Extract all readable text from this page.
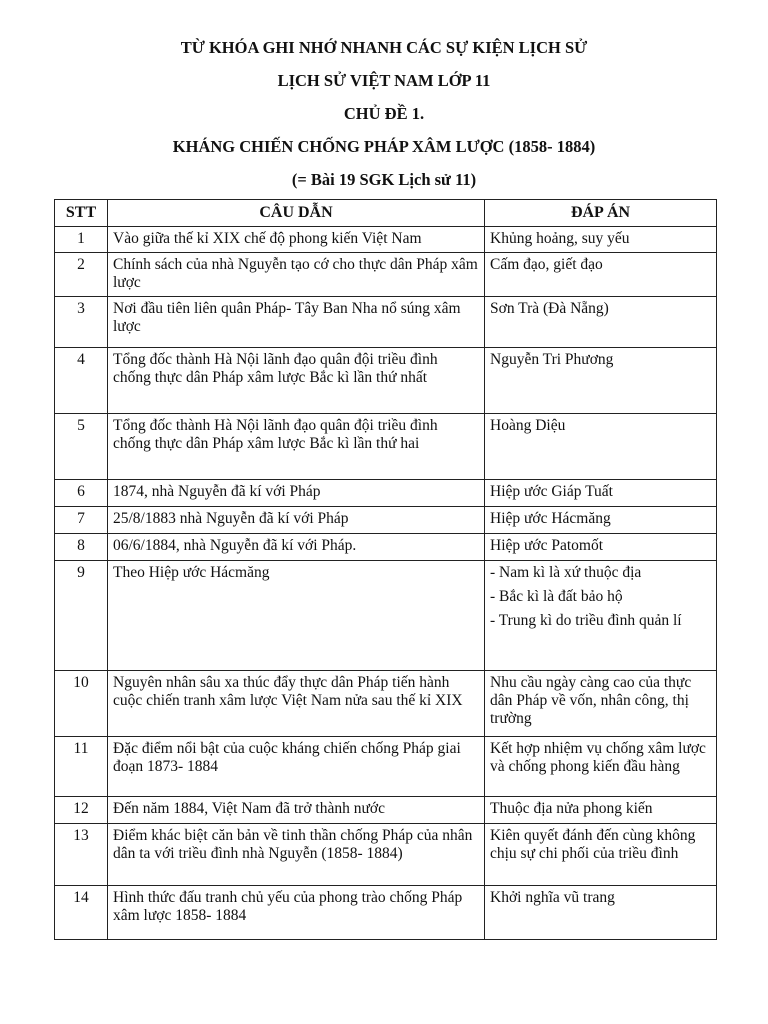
TỪ KHÓA GHI NHỚ NHANH CÁC SỰ KIỆN LỊCH SỬ
LỊCH SỬ VIỆT NAM LỚP 11
CHỦ ĐỀ 1.
KHÁNG CHIẾN CHỐNG PHÁP XÂM LƯỢC (1858- 1884)
(= Bài 19 SGK Lịch sử 11)
STT	CÂU DẪN	ĐÁP ÁN
1	Vào giữa thế kỉ XIX chế độ phong kiến Việt Nam	Khủng hoảng, suy yếu

2	Chính sách của nhà Nguyễn tạo cớ cho thực dân Pháp xâm lược	Cấm đạo, giết đạo

3	Nơi đầu tiên liên quân Pháp- Tây Ban Nha nổ súng xâm lược	Sơn Trà (Đà Nẵng)

4	Tổng đốc thành Hà Nội lãnh đạo quân đội triều đình chống thực dân Pháp xâm lược Bắc kì lần thứ nhất	Nguyễn Tri Phương

5	Tổng đốc thành Hà Nội lãnh đạo quân đội triều đình chống thực dân Pháp xâm lược Bắc kì lần thứ hai	Hoàng Diệu

6	1874, nhà Nguyễn đã kí với Pháp	Hiệp ước Giáp Tuất

7	25/8/1883 nhà Nguyễn đã kí với Pháp	Hiệp ước Hácmăng

8	06/6/1884, nhà Nguyễn đã kí với Pháp.	Hiệp ước Patomốt

9	Theo Hiệp ước Hácmăng	- Nam kì là xứ thuộc địa
- Bắc kì là đất bảo hộ
- Trung kì do triều đình quản lí

10	Nguyên nhân sâu xa thúc đẩy thực dân Pháp tiến hành cuộc chiến tranh xâm lược Việt Nam nửa sau thế kỉ XIX	Nhu cầu ngày càng cao của thực dân Pháp về vốn, nhân công, thị trường

11	Đặc điểm nổi bật của cuộc kháng chiến chống Pháp giai đoạn 1873- 1884	Kết hợp nhiệm vụ chống xâm lược và chống phong kiến đầu hàng

12	Đến năm 1884, Việt Nam đã trở thành nước	Thuộc địa nửa phong kiến

13	Điểm khác biệt căn bản về tinh thần chống Pháp của nhân dân ta với triều đình nhà Nguyễn (1858- 1884)	Kiên quyết đánh đến cùng không chịu sự chi phối của triều đình

14	Hình thức đấu tranh chủ yếu của phong trào chống Pháp xâm lược 1858- 1884	Khởi nghĩa vũ trang
